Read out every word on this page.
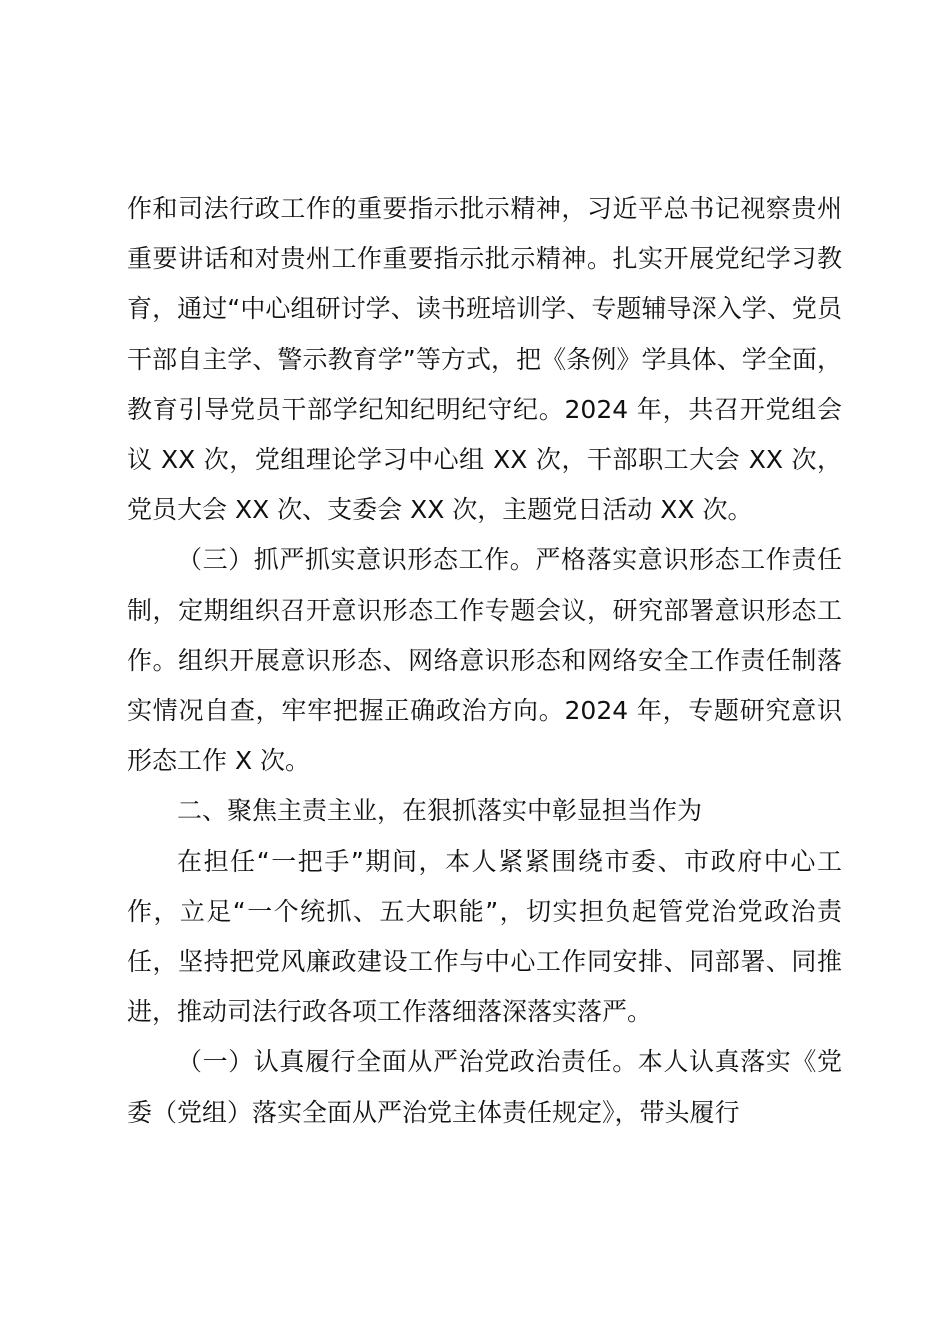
作和司法行政工作的重要指示批示精神，习近平总书记视察贵州重要讲话和对贵州工作重要指示批示精神。扎实开展党纪学习教育，通过“中心组研讨学、读书班培训学、专题辅导深入学、党员干部自主学、警示教育学”等方式，把《条例》学具体、学全面，教育引导党员干部学纪知纪明纪守纪。2024 年，共召开党组会议 XX 次，党组理论学习中心组 XX 次，干部职工大会 XX 次，党员大会 XX 次、支委会 XX 次，主题党日活动 XX 次。

（三）抓严抓实意识形态工作。严格落实意识形态工作责任制，定期组织召开意识形态工作专题会议，研究部署意识形态工作。组织开展意识形态、网络意识形态和网络安全工作责任制落实情况自查，牢牢把握正确政治方向。2024 年，专题研究意识形态工作 X 次。

二、聚焦主责主业，在狠抓落实中彰显担当作为

在担任“一把手”期间，本人紧紧围绕市委、市政府中心工作，立足“一个统抓、五大职能”，切实担负起管党治党政治责任，坚持把党风廉政建设工作与中心工作同安排、同部署、同推进，推动司法行政各项工作落细落深落实落严。

（一）认真履行全面从严治党政治责任。本人认真落实《党委（党组）落实全面从严治党主体责任规定》，带头履行
